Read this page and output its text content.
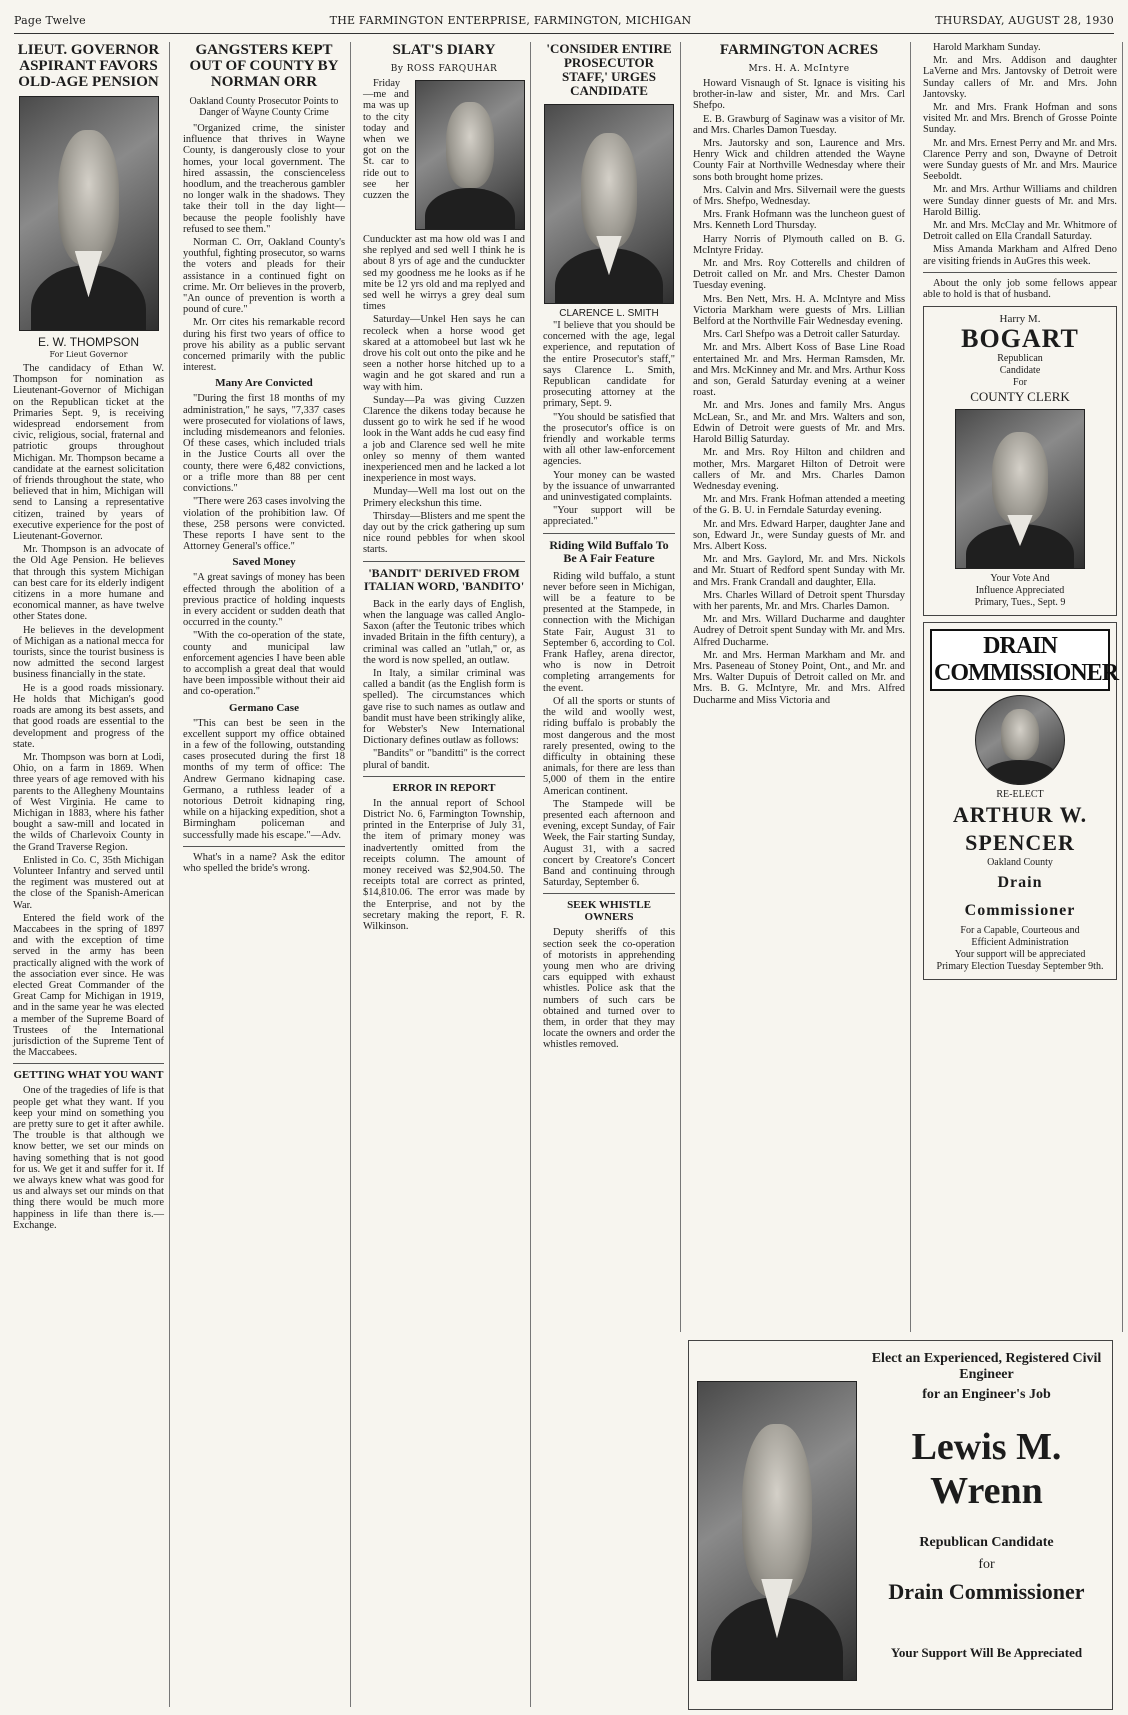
Page Twelve	THE FARMINGTON ENTERPRISE, FARMINGTON, MICHIGAN	THURSDAY, AUGUST 28, 1930
LIEUT. GOVERNOR ASPIRANT FAVORS OLD-AGE PENSION
E. W. THOMPSON
For Lieut Governor

The candidacy of Ethan W. Thompson for nomination as Lieutenant-Governor of Michigan on the Republican ticket at the Primaries Sept. 9, is receiving widespread endorsement from civic, religious, social, fraternal and patriotic groups throughout Michigan. Mr. Thompson became a candidate at the earnest solicitation of friends throughout the state, who believed that in him, Michigan will send to Lansing a representative citizen, trained by years of executive experience for the post of Lieutenant-Governor.

Mr. Thompson is an advocate of the Old Age Pension. He believes that through this system Michigan can best care for its elderly indigent citizens in a more humane and economical manner, as have twelve other States done.

He believes in the development of Michigan as a national mecca for tourists, since the tourist business is now admitted the second largest business financially in the state.

He is a good roads missionary. He holds that Michigan's good roads are among its best assets, and that good roads are essential to the development and progress of the state.

Mr. Thompson was born at Lodi, Ohio, on a farm in 1869. When three years of age removed with his parents to the Allegheny Mountains of West Virginia. He came to Michigan in 1883, where his father bought a saw-mill and located in the wilds of Charlevoix County in the Grand Traverse Region.

Enlisted in Co. C, 35th Michigan Volunteer Infantry and served until the regiment was mustered out at the close of the Spanish-American War.

Entered the field work of the Maccabees in the spring of 1897 and with the exception of time served in the army has been practically aligned with the work of the association ever since. He was elected Great Commander of the Great Camp for Michigan in 1919, and in the same year he was elected a member of the Supreme Board of Trustees of the International jurisdiction of the Supreme Tent of the Maccabees.

GETTING WHAT YOU WANT

One of the tragedies of life is that people get what they want. If you keep your mind on something you are pretty sure to get it after awhile. The trouble is that although we know better, we set our minds on having something that is not good for us. We get it and suffer for it. If we always knew what was good for us and always set our minds on that thing there would be much more happiness in life than there is.—Exchange.

GANGSTERS KEPT OUT OF COUNTY BY NORMAN ORR
Oakland County Prosecutor Points to Danger of Wayne County Crime

"Organized crime, the sinister influence that thrives in Wayne County, is dangerously close to your homes, your local government. The hired assassin, the conscienceless hoodlum, and the treacherous gambler no longer walk in the shadows. They take their toll in the day light—because the people foolishly have refused to see them."

Norman C. Orr, Oakland County's youthful, fighting prosecutor, so warns the voters and pleads for their assistance in a continued fight on crime. Mr. Orr believes in the proverb, "An ounce of prevention is worth a pound of cure."

Mr. Orr cites his remarkable record during his first two years of office to prove his ability as a public servant concerned primarily with the public interest.

Many Are Convicted

"During the first 18 months of my administration," he says, "7,337 cases were prosecuted for violations of laws, including misdemeanors and felonies. Of these cases, which included trials in the Justice Courts all over the county, there were 6,482 convictions, or a trifle more than 88 per cent convictions."

"There were 263 cases involving the violation of the prohibition law. Of these, 258 persons were convicted. These reports I have sent to the Attorney General's office."

Saved Money

"A great savings of money has been effected through the abolition of a previous practice of holding inquests in every accident or sudden death that occurred in the county."

"With the co-operation of the state, county and municipal law enforcement agencies I have been able to accomplish a great deal that would have been impossible without their aid and co-operation."

Germano Case

"This can best be seen in the excellent support my office obtained in a few of the following, outstanding cases prosecuted during the first 18 months of my term of office: The Andrew Germano kidnaping case. Germano, a ruthless leader of a notorious Detroit kidnaping ring, while on a hijacking expedition, shot a Birmingham policeman and successfully made his escape."—Adv.

What's in a name? Ask the editor who spelled the bride's wrong.

SLAT'S DIARY
By ROSS FARQUHAR

Friday—me and ma was up to the city today and when we got on the St. car to ride out to see her cuzzen the Cunduckter ast ma how old was I and she replyed and sed well I think he is about 8 yrs of age and the cunduckter sed my goodness me he looks as if he mite be 12 yrs old and ma replyed and sed well he wirrys a grey deal sum times

Saturday—Unkel Hen says he can recoleck when a horse wood get skared at a attomobeel but last wk he drove his colt out onto the pike and he seen a nother horse hitched up to a wagin and he got skared and run a way with him.

Sunday—Pa was giving Cuzzen Clarence the dikens today because he dussent go to wirk he sed if he wood look in the Want adds he cud easy find a job and Clarence sed well he mite onley so menny of them wanted inexperienced men and he lacked a lot inexperience in most ways.

Munday—Well ma lost out on the Primery eleckshun this time.

Thirsday—Blisters and me spent the day out by the crick gathering up sum nice round pebbles for when skool starts.

'BANDIT' DERIVED FROM ITALIAN WORD, 'BANDITO'

Back in the early days of English, when the language was called Anglo-Saxon (after the Teutonic tribes which invaded Britain in the fifth century), a criminal was called an "utlah," or, as the word is now spelled, an outlaw.

In Italy, a similar criminal was called a bandit (as the English form is spelled). The circumstances which gave rise to such names as outlaw and bandit must have been strikingly alike, for Webster's New International Dictionary defines outlaw as follows:

"Bandits" or "banditti" is the correct plural of bandit.

ERROR IN REPORT

In the annual report of School District No. 6, Farmington Township, printed in the Enterprise of July 31, the item of primary money was inadvertently omitted from the receipts column. The amount of money received was $2,904.50. The receipts total are correct as printed, $14,810.06. The error was made by the Enterprise, and not by the secretary making the report, F. R. Wilkinson.

'CONSIDER ENTIRE PROSECUTOR STAFF,' URGES CANDIDATE
CLARENCE L. SMITH

"I believe that you should be concerned with the age, legal experience, and reputation of the entire Prosecutor's staff," says Clarence L. Smith, Republican candidate for prosecuting attorney at the primary, Sept. 9.

"You should be satisfied that the prosecutor's office is on friendly and workable terms with all other law-enforcement agencies.

Your money can be wasted by the issuance of unwarranted and uninvestigated complaints.

"Your support will be appreciated."

Riding Wild Buffalo To Be A Fair Feature

Riding wild buffalo, a stunt never before seen in Michigan, will be a feature to be presented at the Stampede, in connection with the Michigan State Fair, August 31 to September 6, according to Col. Frank Hafley, arena director, who is now in Detroit completing arrangements for the event.

Of all the sports or stunts of the wild and woolly west, riding buffalo is probably the most dangerous and the most rarely presented, owing to the difficulty in obtaining these animals, for there are less than 5,000 of them in the entire American continent.

The Stampede will be presented each afternoon and evening, except Sunday, of Fair Week, the Fair starting Sunday, August 31, with a sacred concert by Creatore's Concert Band and continuing through Saturday, September 6.

SEEK WHISTLE OWNERS

Deputy sheriffs of this section seek the co-operation of motorists in apprehending young men who are driving cars equipped with exhaust whistles. Police ask that the numbers of such cars be obtained and turned over to them, in order that they may locate the owners and order the whistles removed.

FARMINGTON ACRES
Mrs. H. A. McIntyre

Howard Visnaugh of St. Ignace is visiting his brother-in-law and sister, Mr. and Mrs. Carl Shefpo.

E. B. Grawburg of Saginaw was a visitor of Mr. and Mrs. Charles Damon Tuesday.

Mrs. Jautorsky and son, Laurence and Mrs. Henry Wick and children attended the Wayne County Fair at Northville Wednesday where their sons both brought home prizes.

Mrs. Calvin and Mrs. Silvernail were the guests of Mrs. Shefpo, Wednesday.

Mrs. Frank Hofmann was the luncheon guest of Mrs. Kenneth Lord Thursday.

Harry Norris of Plymouth called on B. G. McIntyre Friday.

Mr. and Mrs. Roy Cotterells and children of Detroit called on Mr. and Mrs. Chester Damon Tuesday evening.

Mrs. Ben Nett, Mrs. H. A. McIntyre and Miss Victoria Markham were guests of Mrs. Lillian Belford at the Northville Fair Wednesday evening.

Mrs. Carl Shefpo was a Detroit caller Saturday.

Mr. and Mrs. Albert Koss of Base Line Road entertained Mr. and Mrs. Herman Ramsden, Mr. and Mrs. McKinney and Mr. and Mrs. Arthur Koss and son, Gerald Saturday evening at a weiner roast.

Mr. and Mrs. Jones and family Mrs. Angus McLean, Sr., and Mr. and Mrs. Walters and son, Edwin of Detroit were guests of Mr. and Mrs. Harold Billig Saturday.

Mr. and Mrs. Roy Hilton and children and mother, Mrs. Margaret Hilton of Detroit were callers of Mr. and Mrs. Charles Damon Wednesday evening.

Mr. and Mrs. Frank Hofman attended a meeting of the G. B. U. in Ferndale Saturday evening.

Mr. and Mrs. Edward Harper, daughter Jane and son, Edward Jr., were Sunday guests of Mr. and Mrs. Albert Koss.

Mr. and Mrs. Gaylord, Mr. and Mrs. Nickols and Mr. Stuart of Redford spent Sunday with Mr. and Mrs. Frank Crandall and daughter, Ella.

Mrs. Charles Willard of Detroit spent Thursday with her parents, Mr. and Mrs. Charles Damon.

Mr. and Mrs. Willard Ducharme and daughter Audrey of Detroit spent Sunday with Mr. and Mrs. Alfred Ducharme.

Mr. and Mrs. Herman Markham and Mr. and Mrs. Paseneau of Stoney Point, Ont., and Mr. and Mrs. Walter Dupuis of Detroit called on Mr. and Mrs. B. G. McIntyre, Mr. and Mrs. Alfred Ducharme and Miss Victoria and

Harold Markham Sunday.

Mr. and Mrs. Addison and daughter LaVerne and Mrs. Jantovsky of Detroit were Sunday callers of Mr. and Mrs. John Jantovsky.

Mr. and Mrs. Frank Hofman and sons visited Mr. and Mrs. Brench of Grosse Pointe Sunday.

Mr. and Mrs. Ernest Perry and Mr. and Mrs. Clarence Perry and son, Dwayne of Detroit were Sunday guests of Mr. and Mrs. Maurice Seeboldt.

Mr. and Mrs. Arthur Williams and children were Sunday dinner guests of Mr. and Mrs. Harold Billig.

Mr. and Mrs. McClay and Mr. Whitmore of Detroit called on Ella Crandall Saturday.

Miss Amanda Markham and Alfred Deno are visiting friends in AuGres this week.

About the only job some fellows appear able to hold is that of husband.

Harry M.
BOGART
Republican
Candidate
For
COUNTY CLERK
Your Vote And
Influence Appreciated
Primary, Tues., Sept. 9
DRAIN COMMISSIONER
RE-ELECT
ARTHUR W.
SPENCER
Oakland County
Drain
Commissioner
For a Capable, Courteous and
Efficient Administration
Your support will be appreciated
Primary Election Tuesday September 9th.
Elect an Experienced, Registered Civil Engineer
for an Engineer's Job
Lewis M. Wrenn
Republican Candidate
for
Drain Commissioner
Your Support Will Be Appreciated
